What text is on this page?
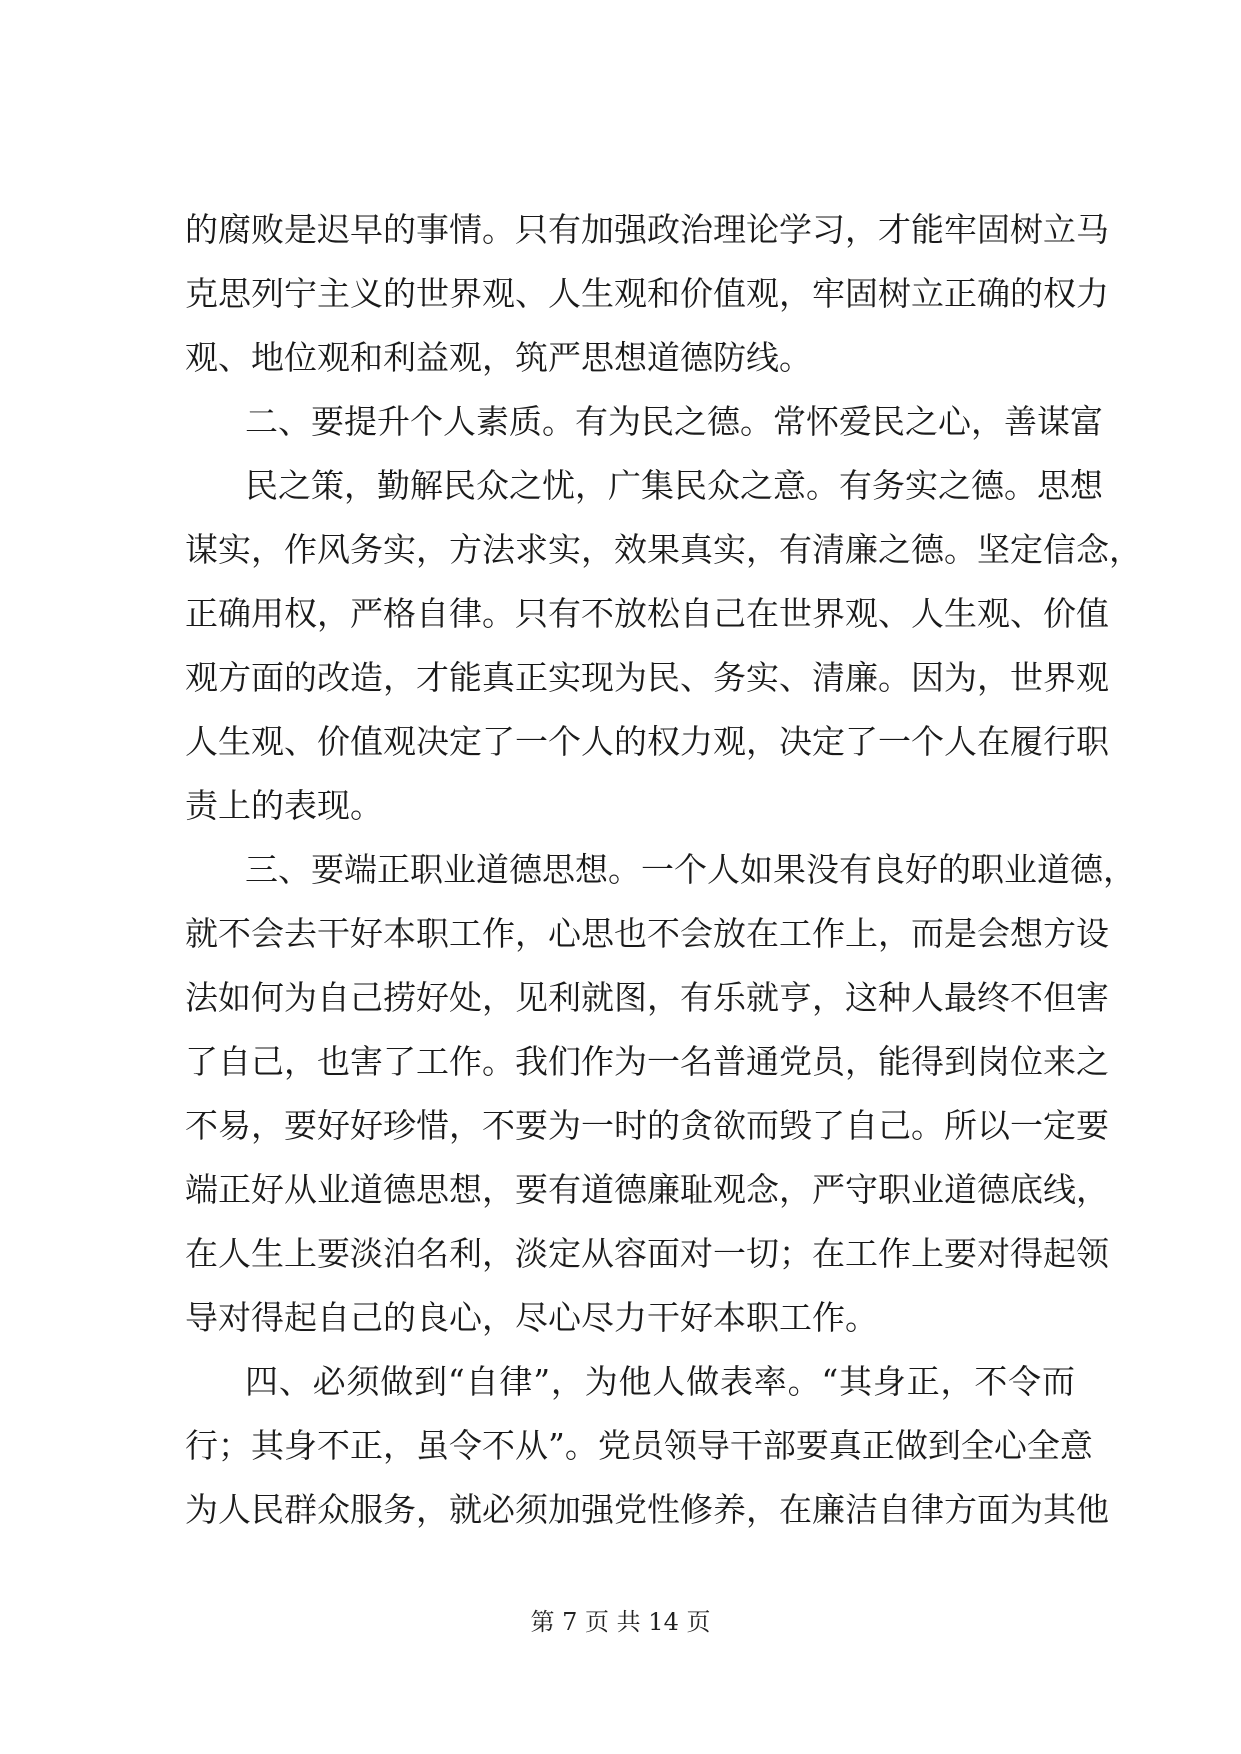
的腐败是迟早的事情。只有加强政治理论学习，才能牢固树立马
克思列宁主义的世界观、人生观和价值观，牢固树立正确的权力
观、地位观和利益观，筑严思想道德防线。
二、要提升个人素质。有为民之德。常怀爱民之心，善谋富
民之策，勤解民众之忧，广集民众之意。有务实之德。思想
谋实，作风务实，方法求实，效果真实，有清廉之德。坚定信念，
正确用权，严格自律。只有不放松自己在世界观、人生观、价值
观方面的改造，才能真正实现为民、务实、清廉。因为，世界观
人生观、价值观决定了一个人的权力观，决定了一个人在履行职
责上的表现。
三、要端正职业道德思想。一个人如果没有良好的职业道德，
就不会去干好本职工作，心思也不会放在工作上，而是会想方设
法如何为自己捞好处，见利就图，有乐就亨，这种人最终不但害
了自己，也害了工作。我们作为一名普通党员，能得到岗位来之
不易，要好好珍惜，不要为一时的贪欲而毁了自己。所以一定要
端正好从业道德思想，要有道德廉耻观念，严守职业道德底线，
在人生上要淡泊名利，淡定从容面对一切；在工作上要对得起领
导对得起自己的良心，尽心尽力干好本职工作。
四、必须做到“自律”，为他人做表率。“其身正，不令而
行；其身不正，虽令不从”。党员领导干部要真正做到全心全意
为人民群众服务，就必须加强党性修养，在廉洁自律方面为其他
第 7 页 共 14 页
